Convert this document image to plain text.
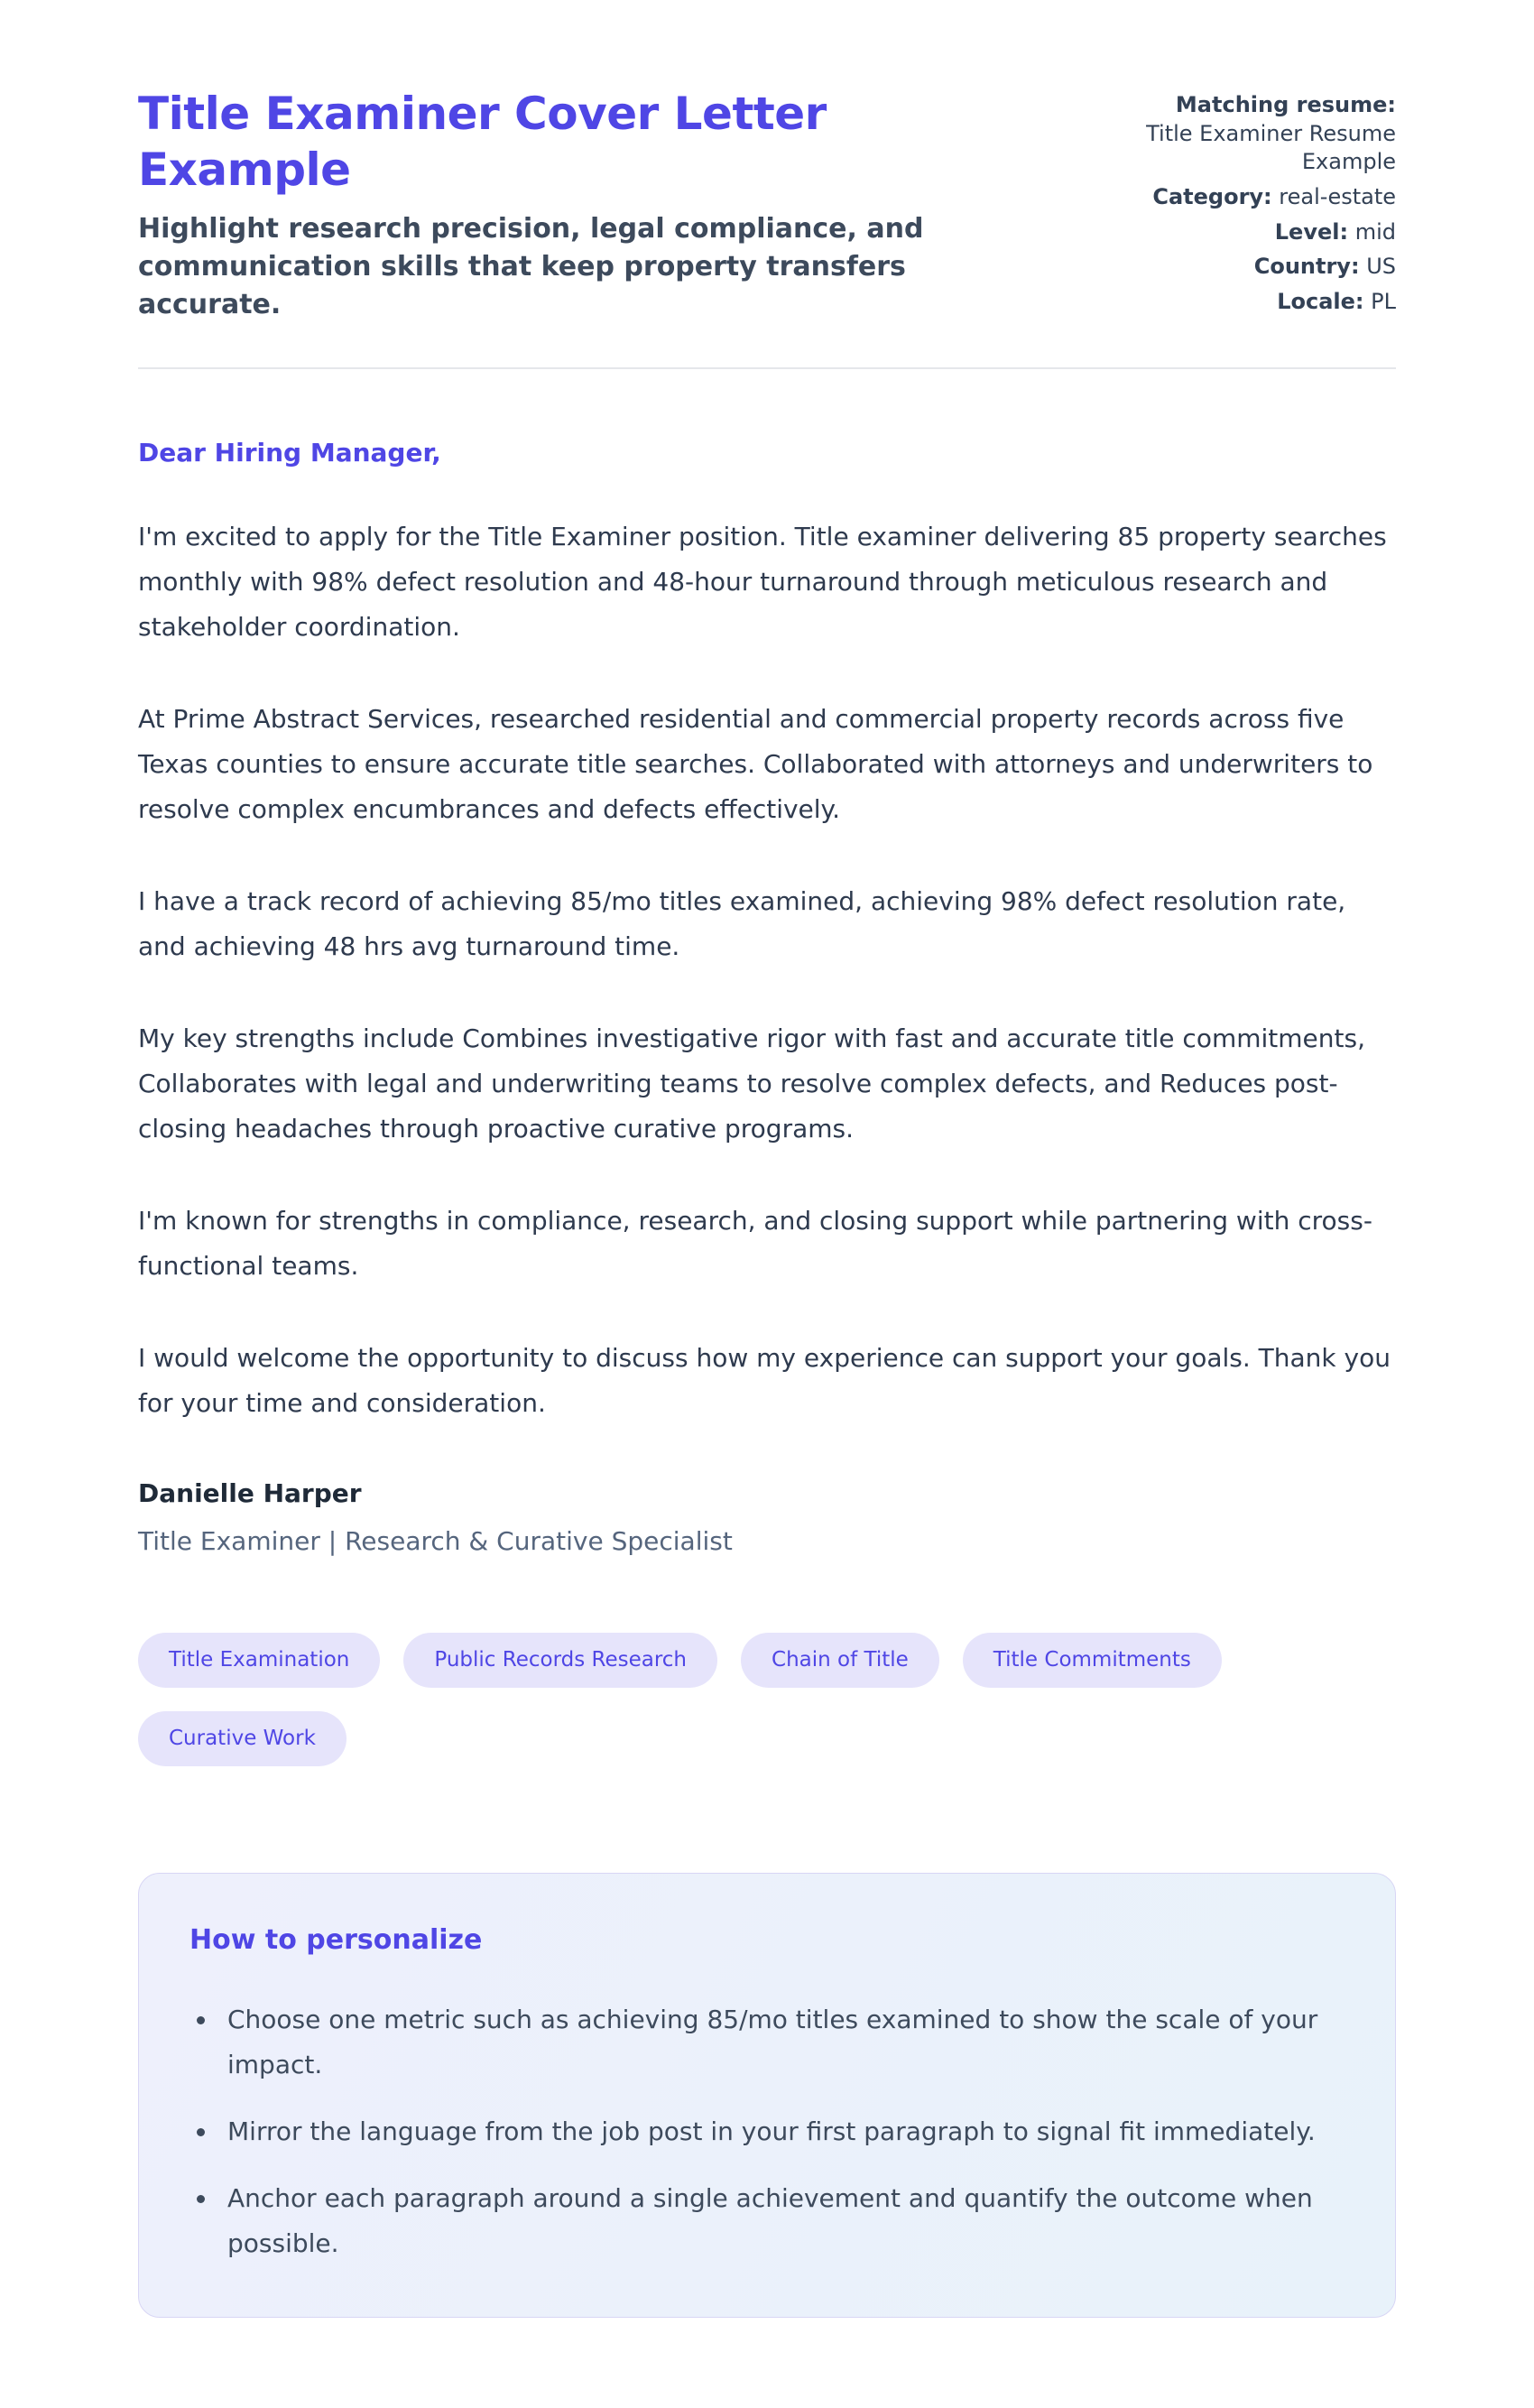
Title Examiner Cover Letter Example
Highlight research precision, legal compliance, and communication skills that keep property transfers accurate.
Matching resume: Title Examiner Resume Example
Category: real-estate
Level: mid
Country: US
Locale: PL
Dear Hiring Manager,

I'm excited to apply for the Title Examiner position. Title examiner delivering 85 property searches monthly with 98% defect resolution and 48-hour turnaround through meticulous research and stakeholder coordination.

At Prime Abstract Services, researched residential and commercial property records across five Texas counties to ensure accurate title searches. Collaborated with attorneys and underwriters to resolve complex encumbrances and defects effectively.

I have a track record of achieving 85/mo titles examined, achieving 98% defect resolution rate, and achieving 48 hrs avg turnaround time.

My key strengths include Combines investigative rigor with fast and accurate title commitments, Collaborates with legal and underwriting teams to resolve complex defects, and Reduces post-closing headaches through proactive curative programs.

I'm known for strengths in compliance, research, and closing support while partnering with cross-functional teams.

I would welcome the opportunity to discuss how my experience can support your goals. Thank you for your time and consideration.

Danielle Harper
Title Examiner | Research & Curative Specialist
Title Examination	Public Records Research	Chain of Title	Title Commitments
Curative Work
How to personalize
• Choose one metric such as achieving 85/mo titles examined to show the scale of your impact.
• Mirror the language from the job post in your first paragraph to signal fit immediately.
• Anchor each paragraph around a single achievement and quantify the outcome when possible.
